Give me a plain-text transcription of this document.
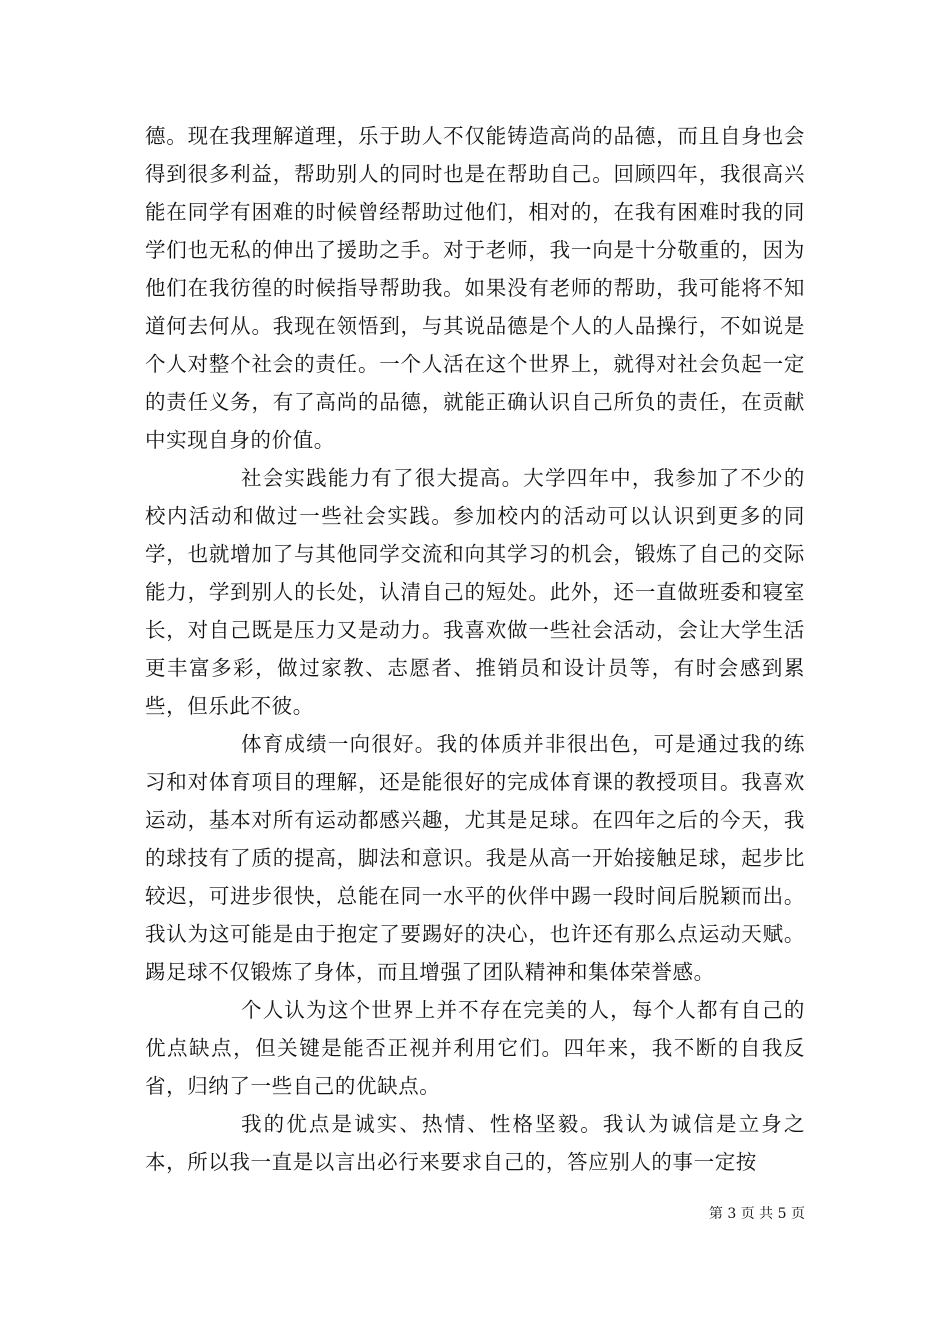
德。现在我理解道理，乐于助人不仅能铸造高尚的品德，而且自身也会得到很多利益，帮助别人的同时也是在帮助自己。回顾四年，我很高兴能在同学有困难的时候曾经帮助过他们，相对的，在我有困难时我的同学们也无私的伸出了援助之手。对于老师，我一向是十分敬重的，因为他们在我彷徨的时候指导帮助我。如果没有老师的帮助，我可能将不知道何去何从。我现在领悟到，与其说品德是个人的人品操行，不如说是个人对整个社会的责任。一个人活在这个世界上，就得对社会负起一定的责任义务，有了高尚的品德，就能正确认识自己所负的责任，在贡献中实现自身的价值。

社会实践能力有了很大提高。大学四年中，我参加了不少的校内活动和做过一些社会实践。参加校内的活动可以认识到更多的同学，也就增加了与其他同学交流和向其学习的机会，锻炼了自己的交际能力，学到别人的长处，认清自己的短处。此外，还一直做班委和寝室长，对自己既是压力又是动力。我喜欢做一些社会活动，会让大学生活更丰富多彩，做过家教、志愿者、推销员和设计员等，有时会感到累些，但乐此不彼。

体育成绩一向很好。我的体质并非很出色，可是通过我的练习和对体育项目的理解，还是能很好的完成体育课的教授项目。我喜欢运动，基本对所有运动都感兴趣，尤其是足球。在四年之后的今天，我的球技有了质的提高，脚法和意识。我是从高一开始接触足球，起步比较迟，可进步很快，总能在同一水平的伙伴中踢一段时间后脱颖而出。我认为这可能是由于抱定了要踢好的决心，也许还有那么点运动天赋。踢足球不仅锻炼了身体，而且增强了团队精神和集体荣誉感。

个人认为这个世界上并不存在完美的人，每个人都有自己的优点缺点，但关键是能否正视并利用它们。四年来，我不断的自我反省，归纳了一些自己的优缺点。

我的优点是诚实、热情、性格坚毅。我认为诚信是立身之本，所以我一直是以言出必行来要求自己的，答应别人的事一定按

第 3 页 共 5 页
